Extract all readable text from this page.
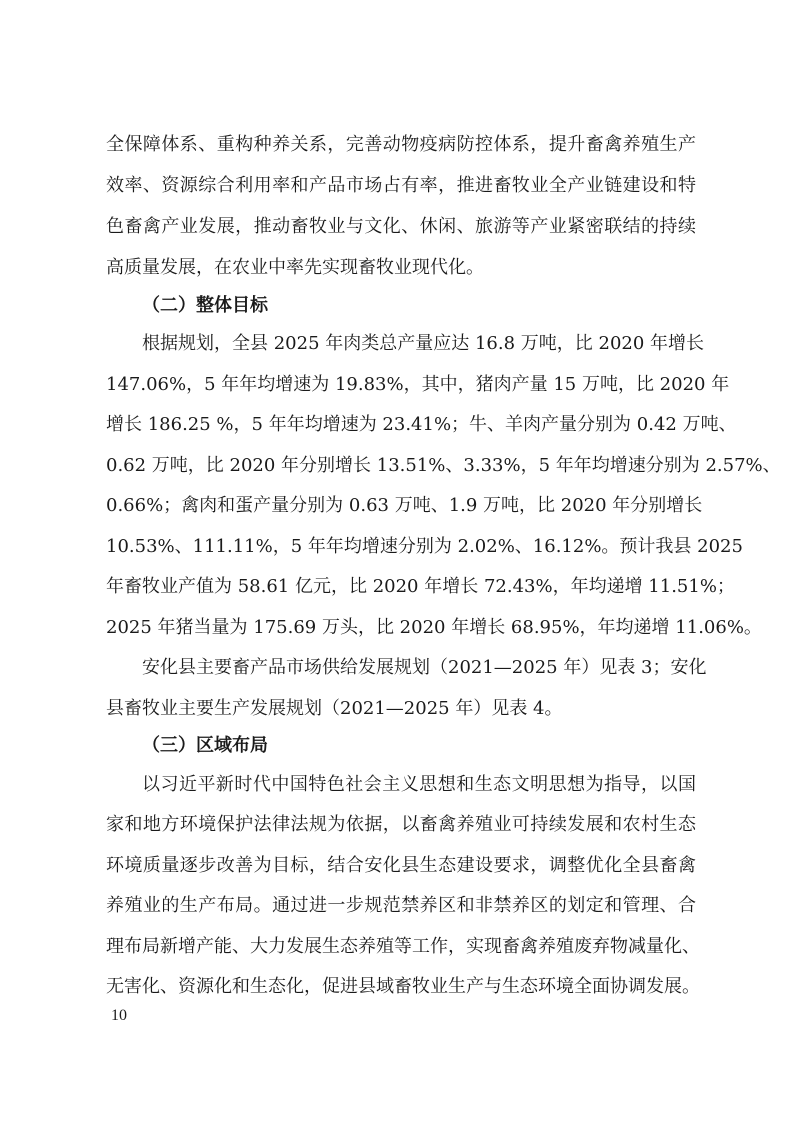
全保障体系、重构种养关系，完善动物疫病防控体系，提升畜禽养殖生产
效率、资源综合利用率和产品市场占有率，推进畜牧业全产业链建设和特
色畜禽产业发展，推动畜牧业与文化、休闲、旅游等产业紧密联结的持续
高质量发展，在农业中率先实现畜牧业现代化。
（二）整体目标
根据规划，全县 2025 年肉类总产量应达 16.8 万吨，比 2020 年增长
147.06%，5 年年均增速为 19.83%，其中，猪肉产量 15 万吨，比 2020 年
增长 186.25 %，5 年年均增速为 23.41%；牛、羊肉产量分别为 0.42 万吨、
0.62 万吨，比 2020 年分别增长 13.51%、3.33%，5 年年均增速分别为 2.57%、
0.66%；禽肉和蛋产量分别为 0.63 万吨、1.9 万吨，比 2020 年分别增长
10.53%、111.11%，5 年年均增速分别为 2.02%、16.12%。预计我县 2025
年畜牧业产值为 58.61 亿元，比 2020 年增长 72.43%，年均递增 11.51%；
2025 年猪当量为 175.69 万头，比 2020 年增长 68.95%，年均递增 11.06%。
安化县主要畜产品市场供给发展规划（2021—2025 年）见表 3；安化
县畜牧业主要生产发展规划（2021—2025 年）见表 4。
（三）区域布局
以习近平新时代中国特色社会主义思想和生态文明思想为指导，以国
家和地方环境保护法律法规为依据，以畜禽养殖业可持续发展和农村生态
环境质量逐步改善为目标，结合安化县生态建设要求，调整优化全县畜禽
养殖业的生产布局。通过进一步规范禁养区和非禁养区的划定和管理、合
理布局新增产能、大力发展生态养殖等工作，实现畜禽养殖废弃物减量化、
无害化、资源化和生态化，促进县域畜牧业生产与生态环境全面协调发展。
10
